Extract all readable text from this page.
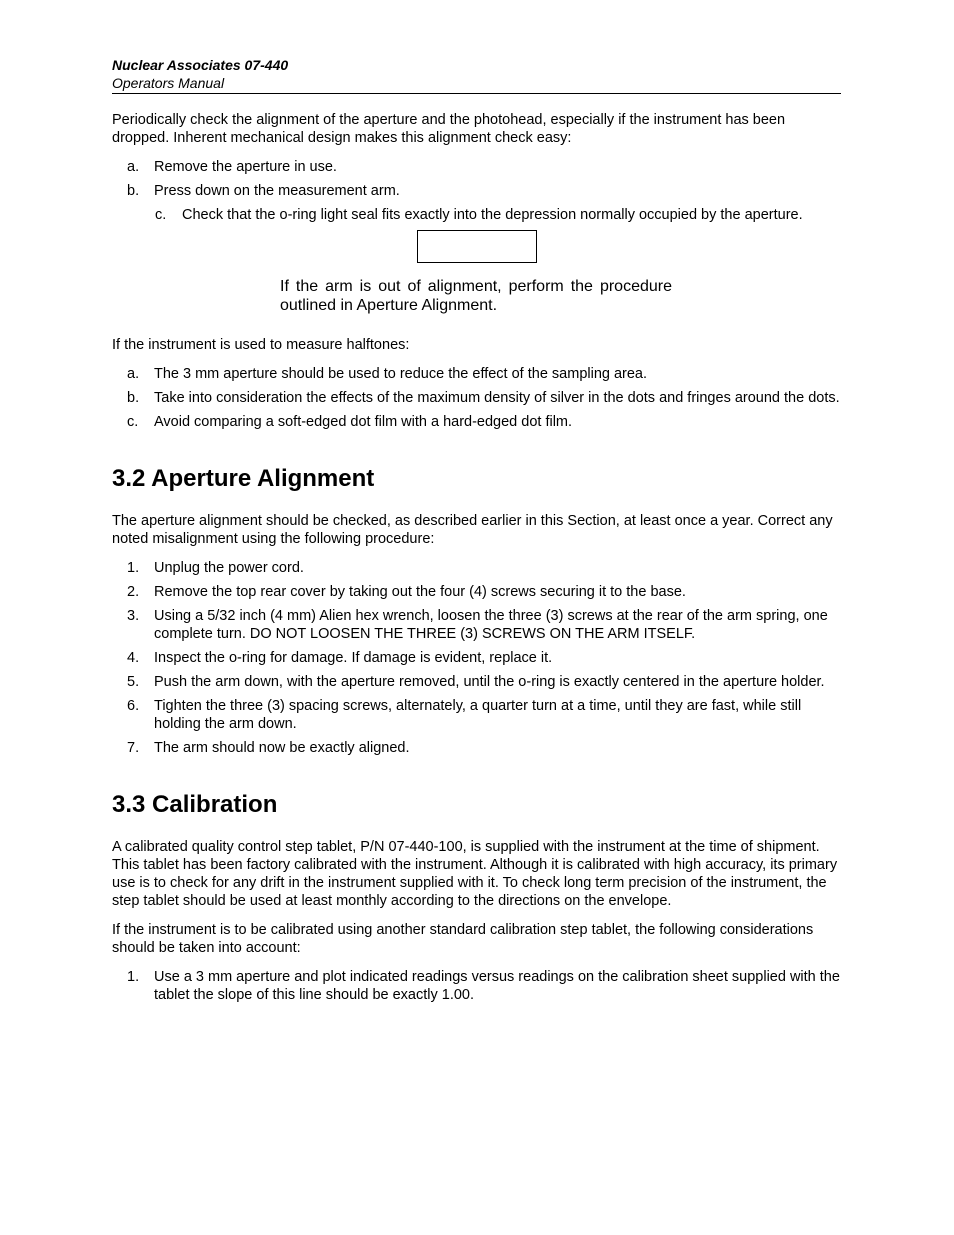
Nuclear Associates 07-440
Operators Manual

Periodically check the alignment of the aperture and the photohead, especially if the instrument has been dropped. Inherent mechanical design makes this alignment check easy:

a.	Remove the aperture in use.
b.	Press down on the measurement arm.
c.	Check that the o-ring light seal fits exactly into the depression normally occupied by the aperture.
If the arm is out of alignment, perform the procedure outlined in Aperture Alignment.

If the instrument is used to measure halftones:

a.	The 3 mm aperture should be used to reduce the effect of the sampling area.
b.	Take into consideration the effects of the maximum density of silver in the dots and fringes around the dots.
c.	Avoid comparing a soft-edged dot film with a hard-edged dot film.
3.2 Aperture Alignment

The aperture alignment should be checked, as described earlier in this Section, at least once a year. Correct any noted misalignment using the following procedure:

1.	Unplug the power cord.
2.	Remove the top rear cover by taking out the four (4) screws securing it to the base.
3.	Using a 5/32 inch (4 mm) Alien hex wrench, loosen the three (3) screws at the rear of the arm spring, one complete turn. DO NOT LOOSEN THE THREE (3) SCREWS ON THE ARM ITSELF.
4.	Inspect the o-ring for damage. If damage is evident, replace it.
5.	Push the arm down, with the aperture removed, until the o-ring is exactly centered in the aperture holder.
6.	Tighten the three (3) spacing screws, alternately, a quarter turn at a time, until they are fast, while still holding the arm down.
7.	The arm should now be exactly aligned.
3.3 Calibration

A calibrated quality control step tablet, P/N 07-440-100, is supplied with the instrument at the time of shipment. This tablet has been factory calibrated with the instrument. Although it is calibrated with high accuracy, its primary use is to check for any drift in the instrument supplied with it. To check long term precision of the instrument, the step tablet should be used at least monthly according to the directions on the envelope.

If the instrument is to be calibrated using another standard calibration step tablet, the following considerations should be taken into account:

1.	Use a 3 mm aperture and plot indicated readings versus readings on the calibration sheet supplied with the tablet the slope of this line should be exactly 1.00.
